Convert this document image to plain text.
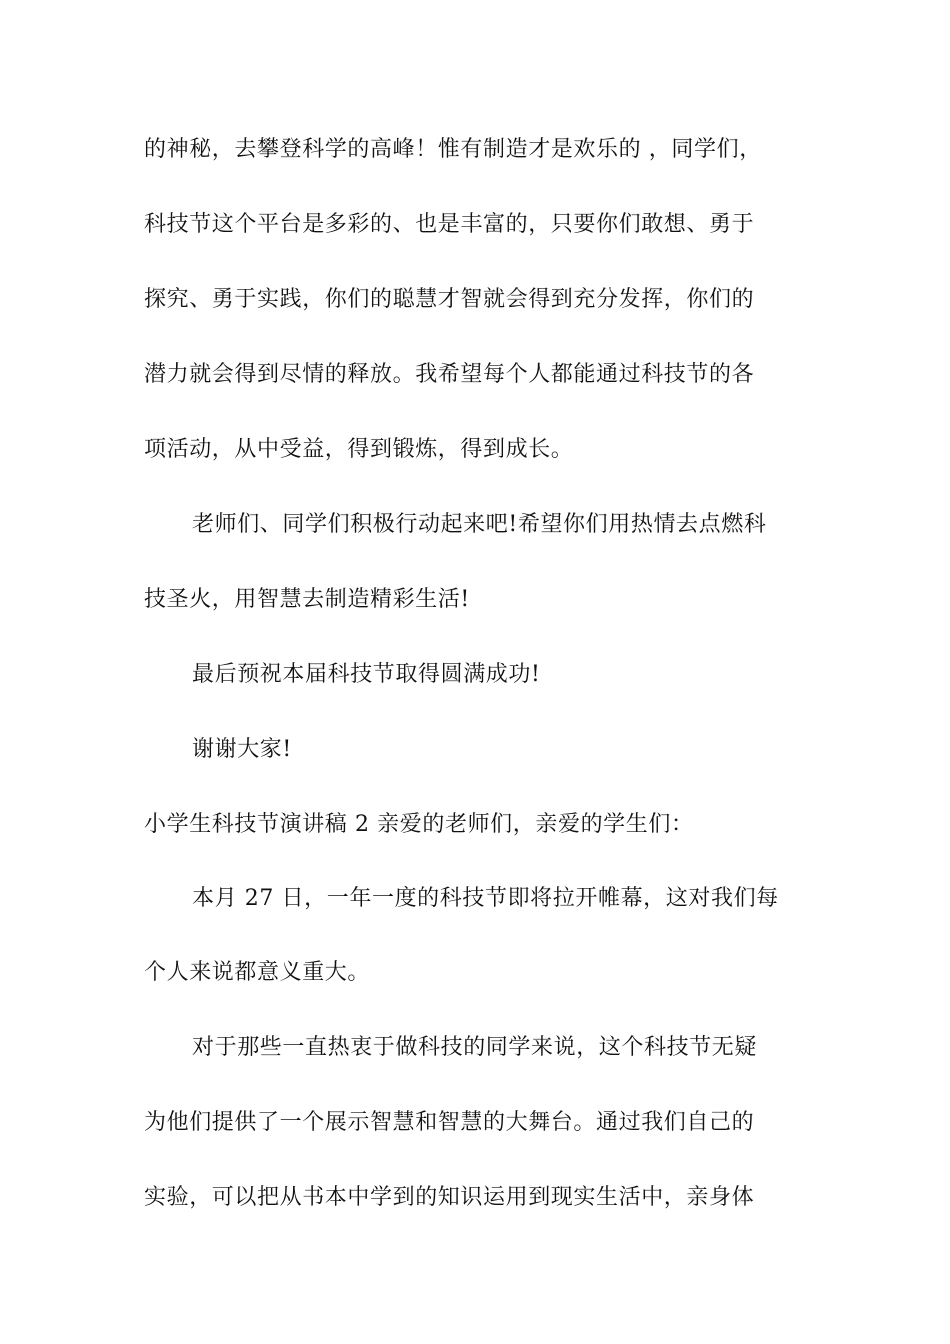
的神秘，去攀登科学的高峰！惟有制造才是欢乐的 ，同学们，
科技节这个平台是多彩的、也是丰富的，只要你们敢想、勇于
探究、勇于实践，你们的聪慧才智就会得到充分发挥，你们的
潜力就会得到尽情的释放。我希望每个人都能通过科技节的各
项活动，从中受益，得到锻炼，得到成长。
老师们、同学们积极行动起来吧!希望你们用热情去点燃科
技圣火，用智慧去制造精彩生活!
最后预祝本届科技节取得圆满成功!
谢谢大家!
小学生科技节演讲稿 2 亲爱的老师们，亲爱的学生们：
本月 27 日，一年一度的科技节即将拉开帷幕，这对我们每
个人来说都意义重大。
对于那些一直热衷于做科技的同学来说，这个科技节无疑
为他们提供了一个展示智慧和智慧的大舞台。通过我们自己的
实验，可以把从书本中学到的知识运用到现实生活中，亲身体
